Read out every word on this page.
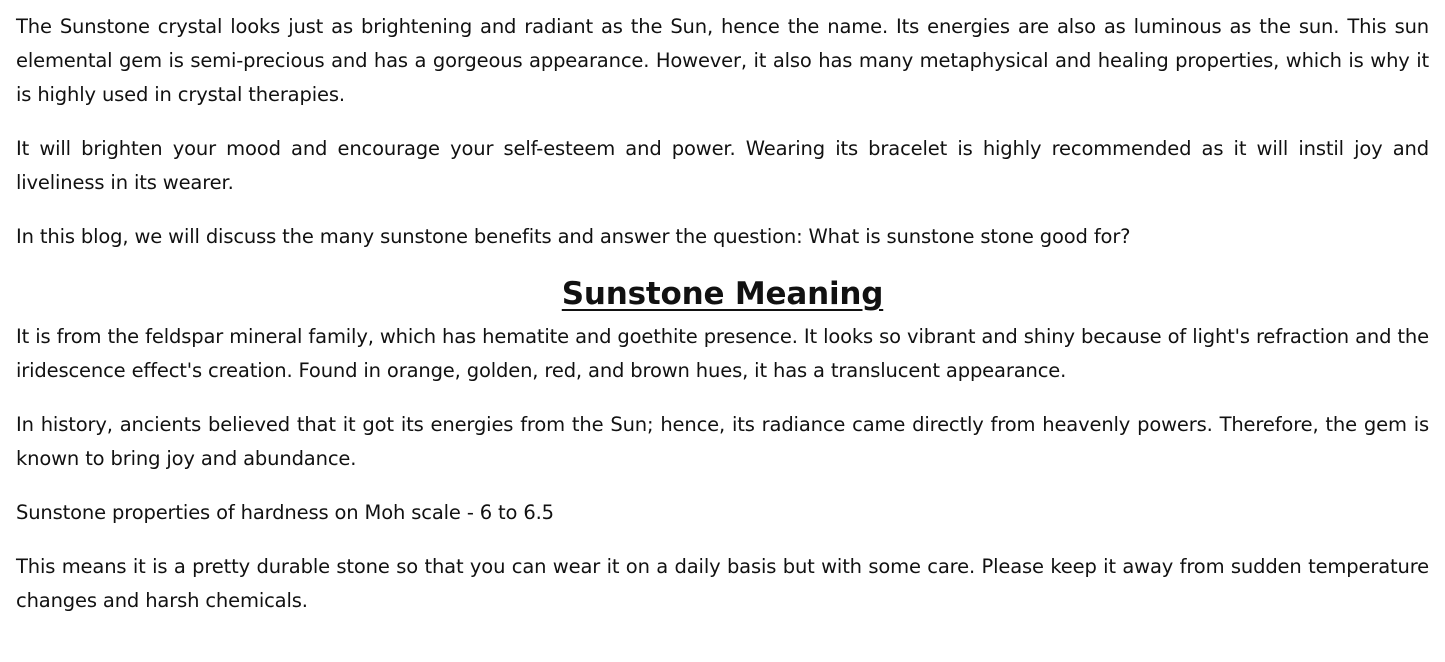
The Sunstone crystal looks just as brightening and radiant as the Sun, hence the name. Its energies are also as luminous as the sun. This sun elemental gem is semi-precious and has a gorgeous appearance. However, it also has many metaphysical and healing properties, which is why it is highly used in crystal therapies.

It will brighten your mood and encourage your self-esteem and power. Wearing its bracelet is highly recommended as it will instil joy and liveliness in its wearer.

In this blog, we will discuss the many sunstone benefits and answer the question: What is sunstone stone good for?

Sunstone Meaning

It is from the feldspar mineral family, which has hematite and goethite presence. It looks so vibrant and shiny because of light's refraction and the iridescence effect's creation. Found in orange, golden, red, and brown hues, it has a translucent appearance.

In history, ancients believed that it got its energies from the Sun; hence, its radiance came directly from heavenly powers. Therefore, the gem is known to bring joy and abundance.

Sunstone properties of hardness on Moh scale - 6 to 6.5

This means it is a pretty durable stone so that you can wear it on a daily basis but with some care. Please keep it away from sudden temperature changes and harsh chemicals.
